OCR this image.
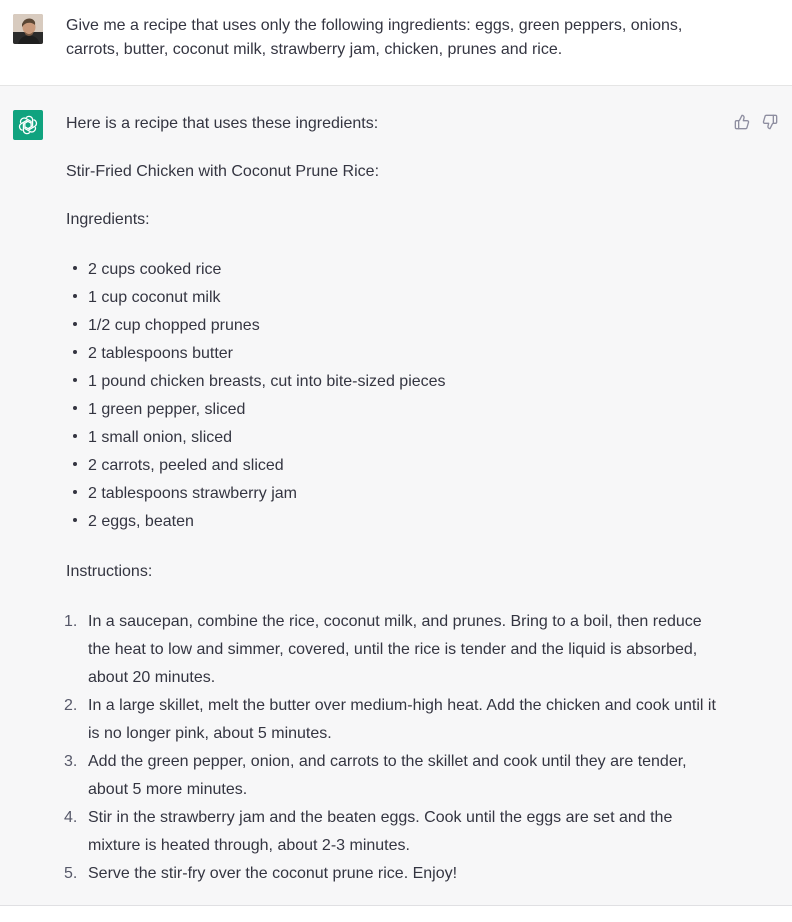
Give me a recipe that uses only the following ingredients: eggs, green peppers, onions, carrots, butter, coconut milk, strawberry jam, chicken, prunes and rice.

Here is a recipe that uses these ingredients:

Stir-Fried Chicken with Coconut Prune Rice:

Ingredients:

2 cups cooked rice
1 cup coconut milk
1/2 cup chopped prunes
2 tablespoons butter
1 pound chicken breasts, cut into bite-sized pieces
1 green pepper, sliced
1 small onion, sliced
2 carrots, peeled and sliced
2 tablespoons strawberry jam
2 eggs, beaten

Instructions:

1. In a saucepan, combine the rice, coconut milk, and prunes. Bring to a boil, then reduce the heat to low and simmer, covered, until the rice is tender and the liquid is absorbed, about 20 minutes.
2. In a large skillet, melt the butter over medium-high heat. Add the chicken and cook until it is no longer pink, about 5 minutes.
3. Add the green pepper, onion, and carrots to the skillet and cook until they are tender, about 5 more minutes.
4. Stir in the strawberry jam and the beaten eggs. Cook until the eggs are set and the mixture is heated through, about 2-3 minutes.
5. Serve the stir-fry over the coconut prune rice. Enjoy!
